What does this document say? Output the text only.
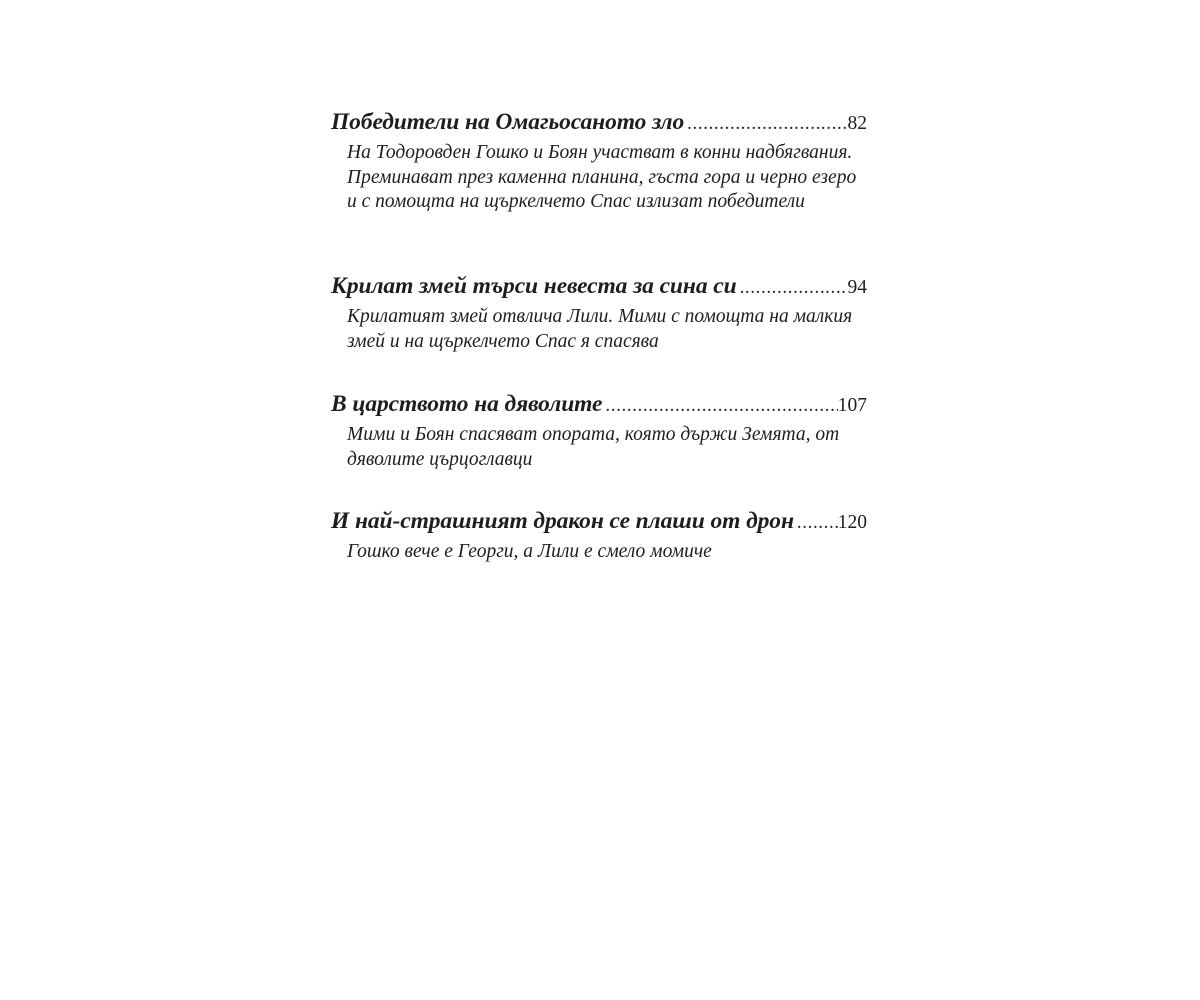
Победители на Омагьосаното зло .....	82

На Тодоровден Гошко и Боян участват в конни надбягвания. Преминават през каменна планина, гъста гора и черно езеро и с помощта на щъркелчето Спас излизат победители

Крилат змей търси невеста за сина си .....	94

Крилатият змей отвлича Лили. Мими с помощта на малкия змей и на щъркелчето Спас я спасява

В царството на дяволите .....	107

Мими и Боян спасяват опората, която държи Земята, от дяволите църцоглавци

И най-страшният дракон се плаши от дрон ..... 120

Гошко вече е Георги, а Лили е смело момиче
